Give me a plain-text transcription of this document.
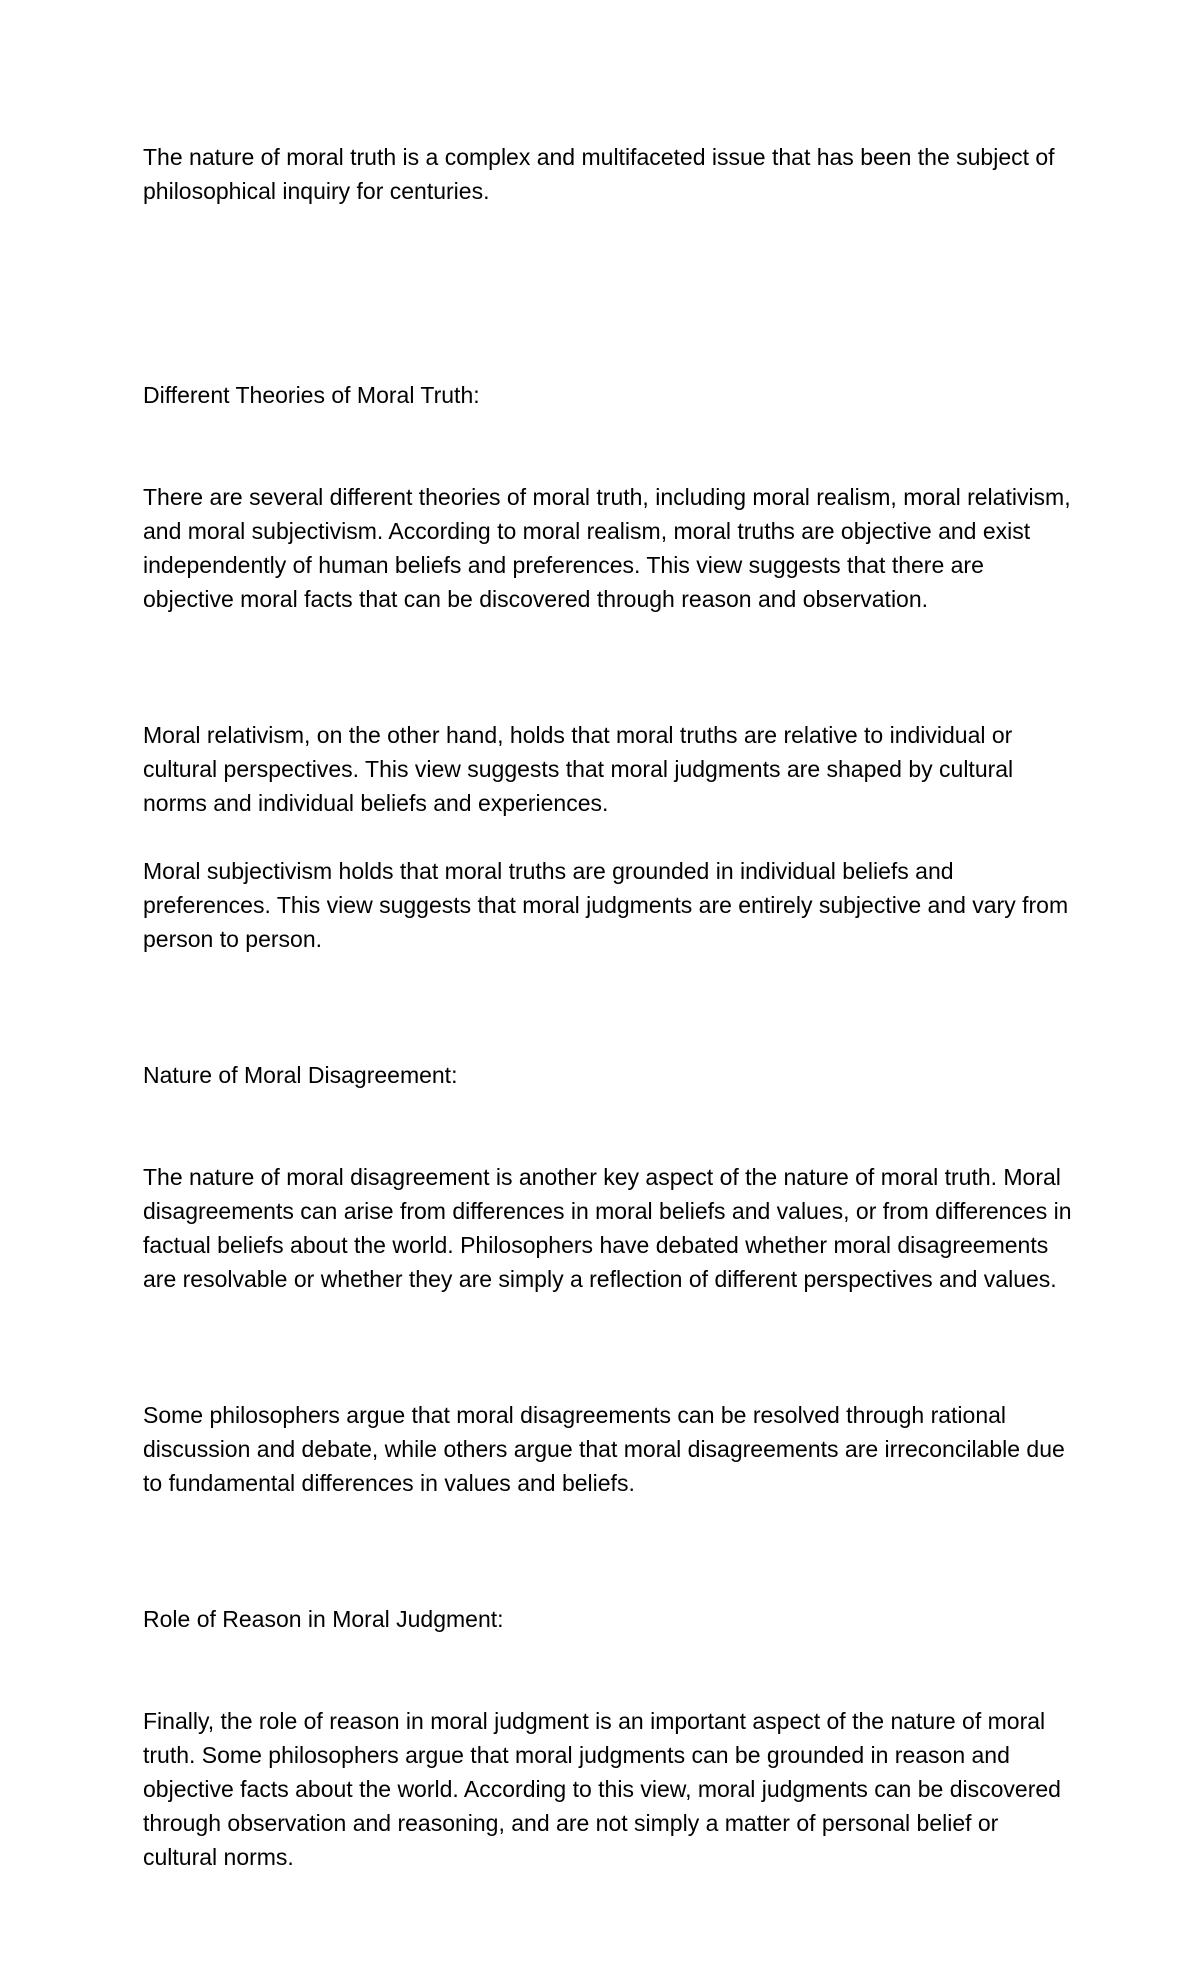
The nature of moral truth is a complex and multifaceted issue that has been the subject of philosophical inquiry for centuries.

Different Theories of Moral Truth:

There are several different theories of moral truth, including moral realism, moral relativism, and moral subjectivism. According to moral realism, moral truths are objective and exist independently of human beliefs and preferences. This view suggests that there are objective moral facts that can be discovered through reason and observation.

Moral relativism, on the other hand, holds that moral truths are relative to individual or cultural perspectives. This view suggests that moral judgments are shaped by cultural norms and individual beliefs and experiences.

Moral subjectivism holds that moral truths are grounded in individual beliefs and preferences. This view suggests that moral judgments are entirely subjective and vary from person to person.

Nature of Moral Disagreement:

The nature of moral disagreement is another key aspect of the nature of moral truth. Moral disagreements can arise from differences in moral beliefs and values, or from differences in factual beliefs about the world. Philosophers have debated whether moral disagreements are resolvable or whether they are simply a reflection of different perspectives and values.

Some philosophers argue that moral disagreements can be resolved through rational discussion and debate, while others argue that moral disagreements are irreconcilable due to fundamental differences in values and beliefs.

Role of Reason in Moral Judgment:

Finally, the role of reason in moral judgment is an important aspect of the nature of moral truth. Some philosophers argue that moral judgments can be grounded in reason and objective facts about the world. According to this view, moral judgments can be discovered through observation and reasoning, and are not simply a matter of personal belief or cultural norms.
